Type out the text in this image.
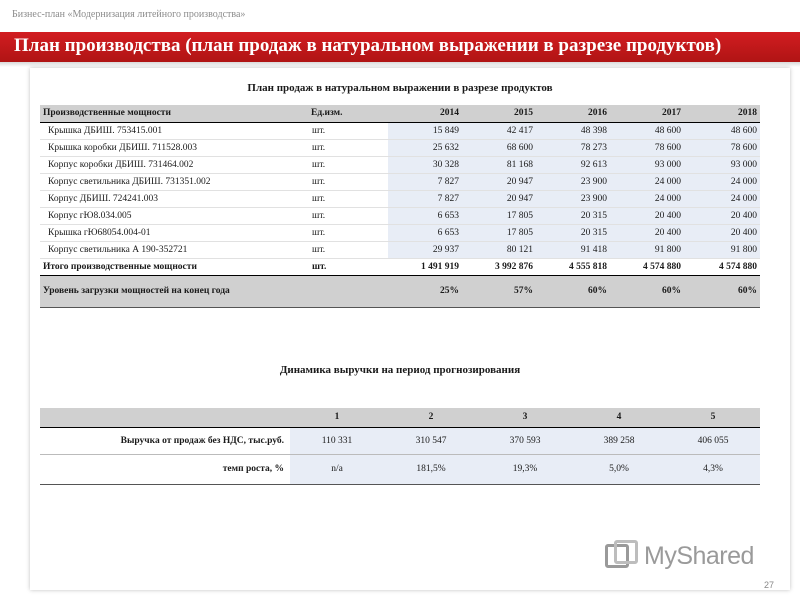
Бизнес-план «Модернизация литейного производства»
План производства (план продаж в натуральном выражении в разрезе продуктов)
План продаж в натуральном выражении в разрезе продуктов
Производственные мощности	Ед.изм.	2014	2015	2016	2017	2018
Крышка ДБИШ. 753415.001	шт.	15 849	42 417	48 398	48 600	48 600
Крышка коробки ДБИШ. 711528.003	шт.	25 632	68 600	78 273	78 600	78 600
Корпус коробки ДБИШ. 731464.002	шт.	30 328	81 168	92 613	93 000	93 000
Корпус светильника ДБИШ. 731351.002	шт.	7 827	20 947	23 900	24 000	24 000
Корпус ДБИШ. 724241.003	шт.	7 827	20 947	23 900	24 000	24 000
Корпус гЮ8.034.005	шт.	6 653	17 805	20 315	20 400	20 400
Крышка гЮ68054.004-01	шт.	6 653	17 805	20 315	20 400	20 400
Корпус светильника А 190-352721	шт.	29 937	80 121	91 418	91 800	91 800
Итого производственные мощности	шт.	1 491 919	3 992 876	4 555 818	4 574 880	4 574 880
Уровень загрузки мощностей на конец года		25%	57%	60%	60%	60%
Динамика выручки на период прогнозирования
	1	2	3	4	5
Выручка от продаж без НДС, тыс.руб.	110 331	310 547	370 593	389 258	406 055
темп роста, %	n/a	181,5%	19,3%	5,0%	4,3%
MyShared
27
